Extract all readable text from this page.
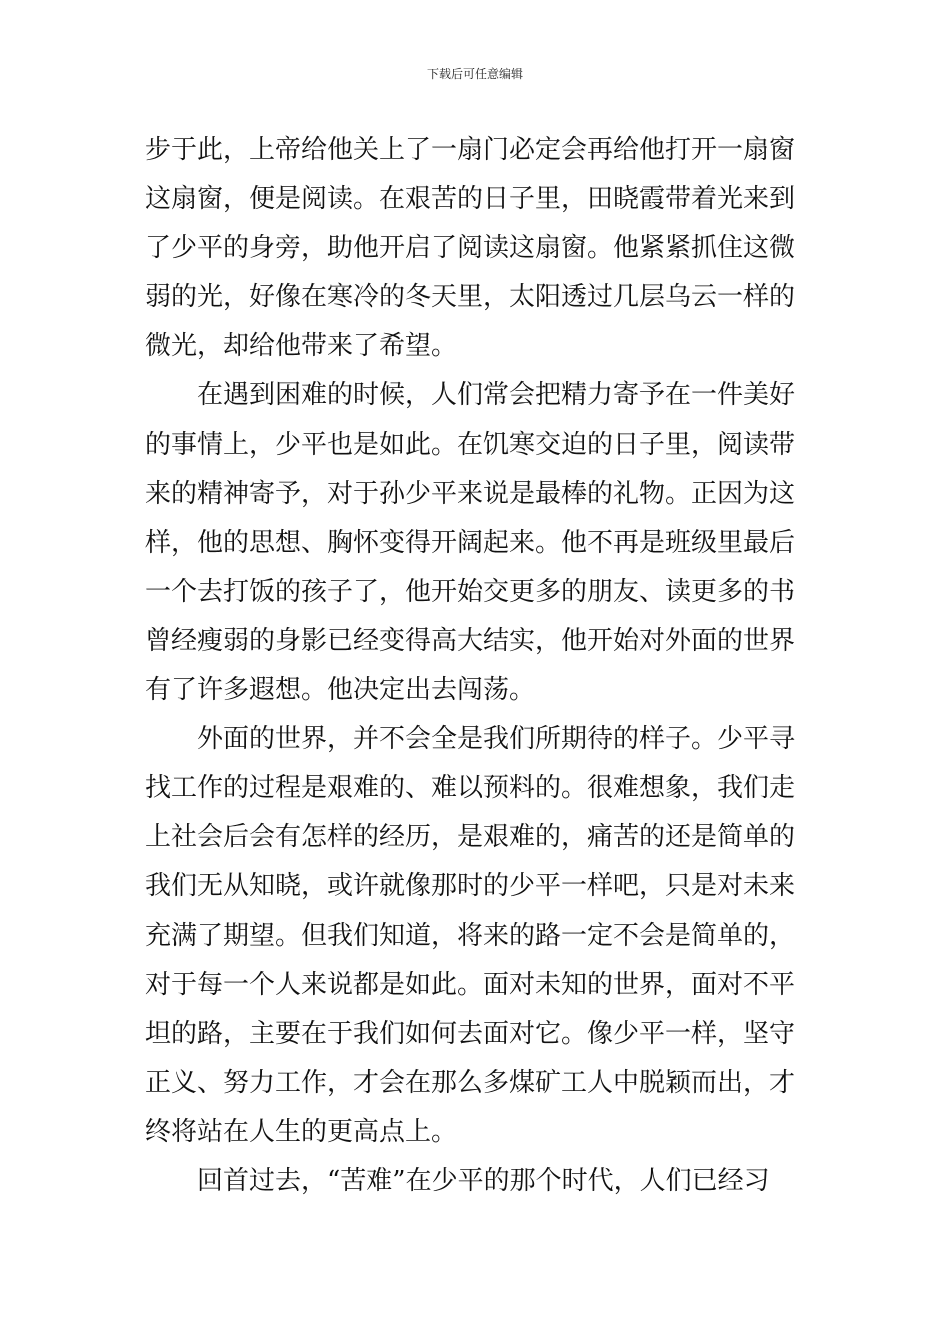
下载后可任意编辑
步于此，上帝给他关上了一扇门必定会再给他打开一扇窗
这扇窗，便是阅读。在艰苦的日子里，田晓霞带着光来到
了少平的身旁，助他开启了阅读这扇窗。他紧紧抓住这微
弱的光，好像在寒冷的冬天里，太阳透过几层乌云一样的
微光，却给他带来了希望。
在遇到困难的时候，人们常会把精力寄予在一件美好
的事情上，少平也是如此。在饥寒交迫的日子里，阅读带
来的精神寄予，对于孙少平来说是最棒的礼物。正因为这
样，他的思想、胸怀变得开阔起来。他不再是班级里最后
一个去打饭的孩子了，他开始交更多的朋友、读更多的书
曾经瘦弱的身影已经变得高大结实，他开始对外面的世界
有了许多遐想。他决定出去闯荡。
外面的世界，并不会全是我们所期待的样子。少平寻
找工作的过程是艰难的、难以预料的。很难想象，我们走
上社会后会有怎样的经历，是艰难的，痛苦的还是简单的
我们无从知晓，或许就像那时的少平一样吧，只是对未来
充满了期望。但我们知道，将来的路一定不会是简单的，
对于每一个人来说都是如此。面对未知的世界，面对不平
坦的路，主要在于我们如何去面对它。像少平一样，坚守
正义、努力工作，才会在那么多煤矿工人中脱颖而出，才
终将站在人生的更高点上。
回首过去，“苦难”在少平的那个时代，人们已经习
